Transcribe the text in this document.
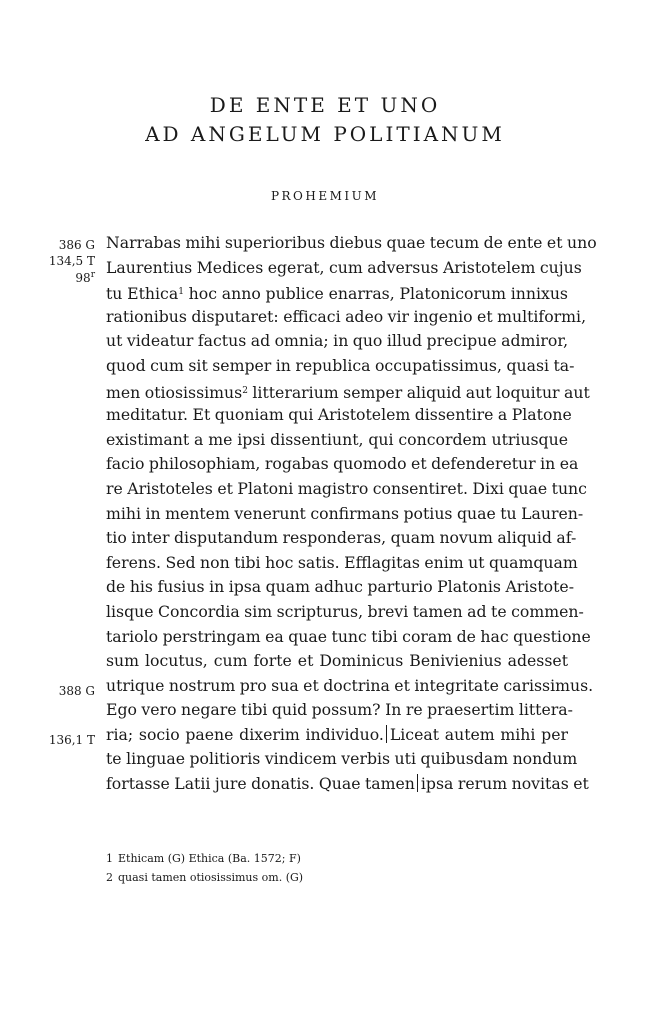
DE ENTE ET UNO
AD ANGELUM POLITIANUM
PROHEMIUM
386 G
134,5 T
98$^r$
388 G
136,1 T
Narrabas mihi superioribus diebus quae tecum de ente et uno
Laurentius Medices egerat, cum adversus Aristotelem cujus
tu Ethica$^1$ hoc anno publice enarras, Platonicorum innixus
rationibus disputaret: efficaci adeo vir ingenio et multiformi,
ut videatur factus ad omnia; in quo illud precipue admiror,
quod cum sit semper in republica occupatissimus, quasi ta-
men otiosissimus$^2$ litterarium semper aliquid aut loquitur aut
meditatur. Et quoniam qui Aristotelem dissentire a Platone
existimant a me ipsi dissentiunt, qui concordem utriusque
facio philosophiam, rogabas quomodo et defenderetur in ea
re Aristoteles et Platoni magistro consentiret. Dixi quae tunc
mihi in mentem venerunt confirmans potius quae tu Lauren-
tio inter disputandum responderas, quam novum aliquid af-
ferens. Sed non tibi hoc satis. Efflagitas enim ut quamquam
de his fusius in ipsa quam adhuc parturio Platonis Aristote-
lisque Concordia sim scripturus, brevi tamen ad te commen-
tariolo perstringam ea quae tunc tibi coram de hac questione
sum locutus, cum forte et Dominicus Benivienius adesset
utrique nostrum pro sua et doctrina et integritate carissimus.
Ego vero negare tibi quid possum? In re praesertim littera-
ria; socio paene dixerim individuo. Liceat autem mihi per
te linguae politioris vindicem verbis uti quibusdam nondum
fortasse Latii jure donatis. Quae tamen ipsa rerum novitas et
1 Ethicam (G) Ethica (Ba. 1572; F)
2 quasi tamen otiosissimus om. (G)
